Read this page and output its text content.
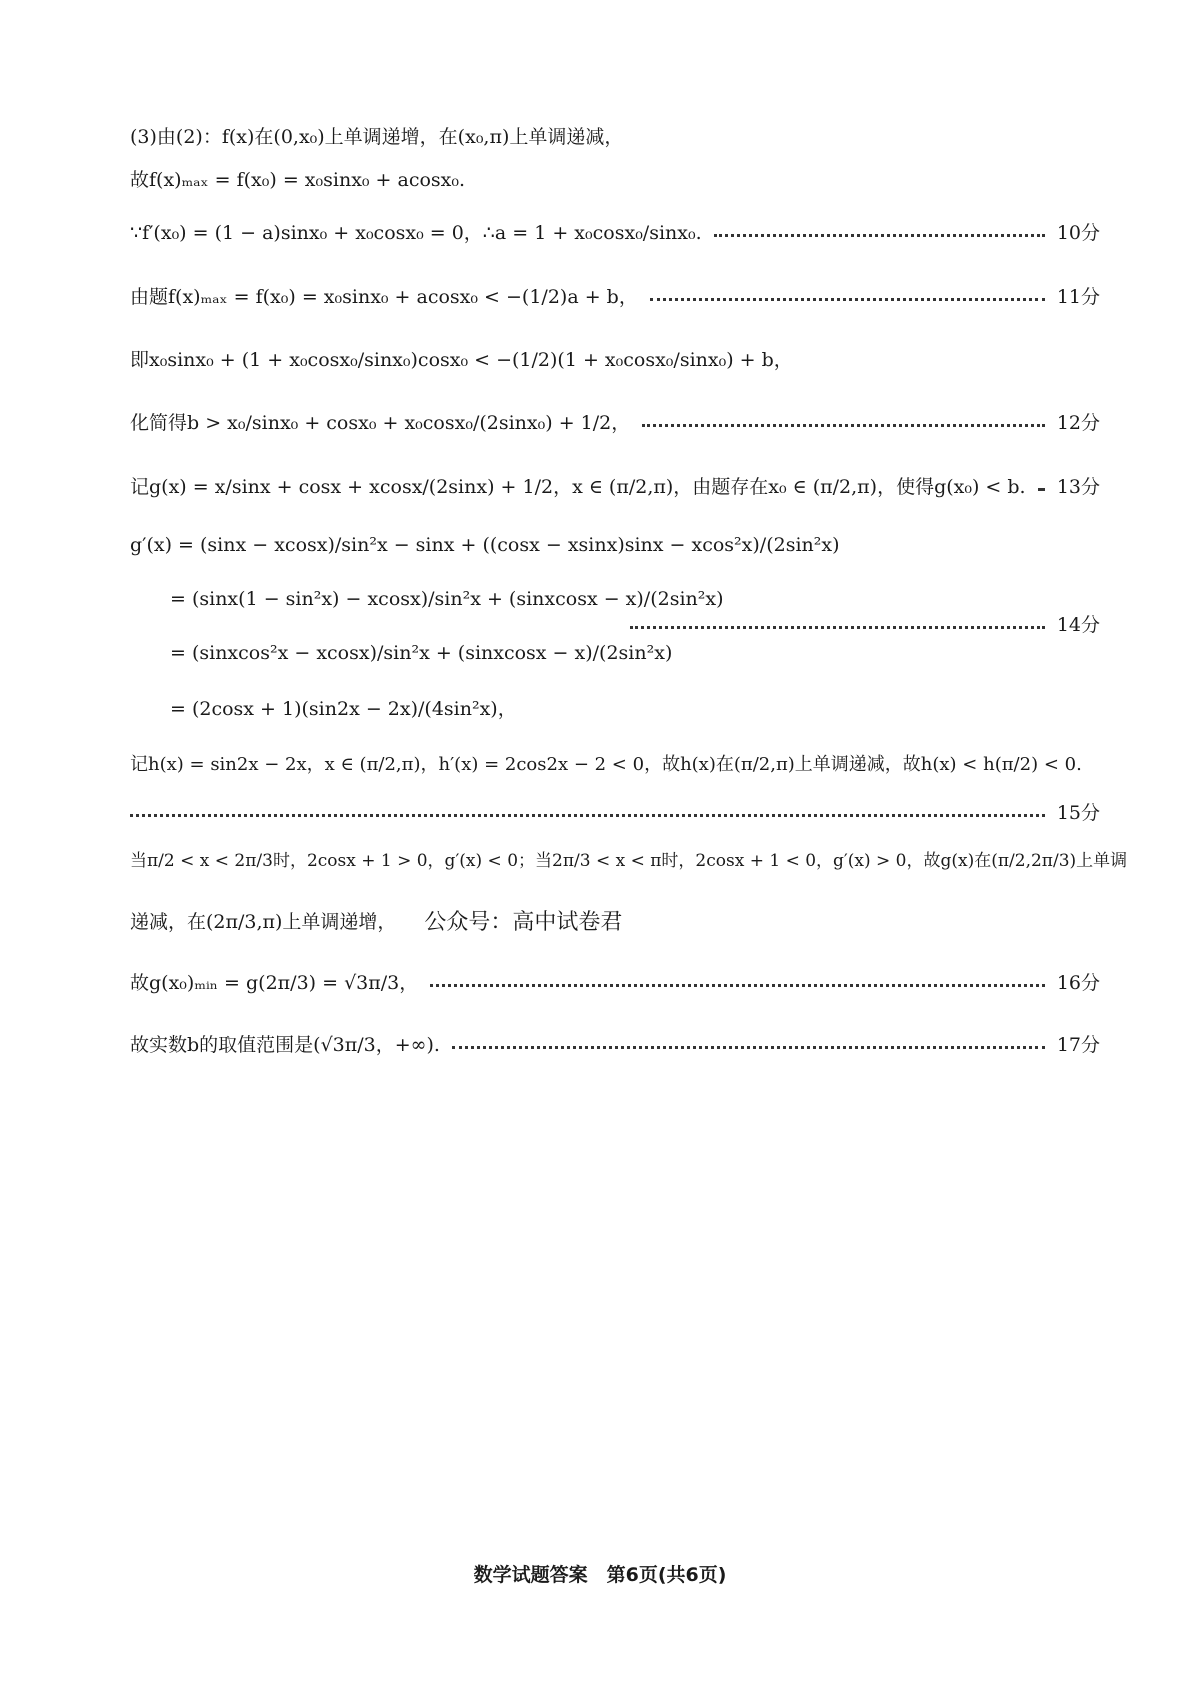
(3)由(2)：f(x)在(0,x₀)上单调递增，在(x₀,π)上单调递减，
故f(x)ₘₐₓ = f(x₀) = x₀sinx₀ + acosx₀.
∵f′(x₀) = (1 − a)sinx₀ + x₀cosx₀ = 0，∴a = 1 + x₀cosx₀/sinx₀.	10分
由题f(x)ₘₐₓ = f(x₀) = x₀sinx₀ + acosx₀ < −(1/2)a + b，	11分
即x₀sinx₀ + (1 + x₀cosx₀/sinx₀)cosx₀ < −(1/2)(1 + x₀cosx₀/sinx₀) + b，
化简得b > x₀/sinx₀ + cosx₀ + x₀cosx₀/(2sinx₀) + 1/2，	12分
记g(x) = x/sinx + cosx + xcosx/(2sinx) + 1/2，x ∈ (π/2,π)，由题存在x₀ ∈ (π/2,π)，使得g(x₀) < b. 13分
g′(x) = (sinx − xcosx)/sin²x − sinx + ((cosx − xsinx)sinx − xcos²x)/(2sin²x)
= (sinx(1 − sin²x) − xcosx)/sin²x + (sinxcosx − x)/(2sin²x)
= (sinxcos²x − xcosx)/sin²x + (sinxcosx − x)/(2sin²x)
= (2cosx + 1)(sin2x − 2x)/(4sin²x)，
14分
记h(x) = sin2x − 2x，x ∈ (π/2,π)，h′(x) = 2cos2x − 2 < 0，故h(x)在(π/2,π)上单调递减，故h(x) < h(π/2) < 0.
15分
当π/2 < x < 2π/3时，2cosx + 1 > 0，g′(x) < 0；当2π/3 < x < π时，2cosx + 1 < 0，g′(x) > 0，故g(x)在(π/2,2π/3)上单调
递减，在(2π/3,π)上单调递增， 公众号：高中试卷君
故g(x₀)ₘᵢₙ = g(2π/3) = √3π/3，	16分
故实数b的取值范围是(√3π/3，+∞).	17分
数学试题答案　第6页(共6页)
